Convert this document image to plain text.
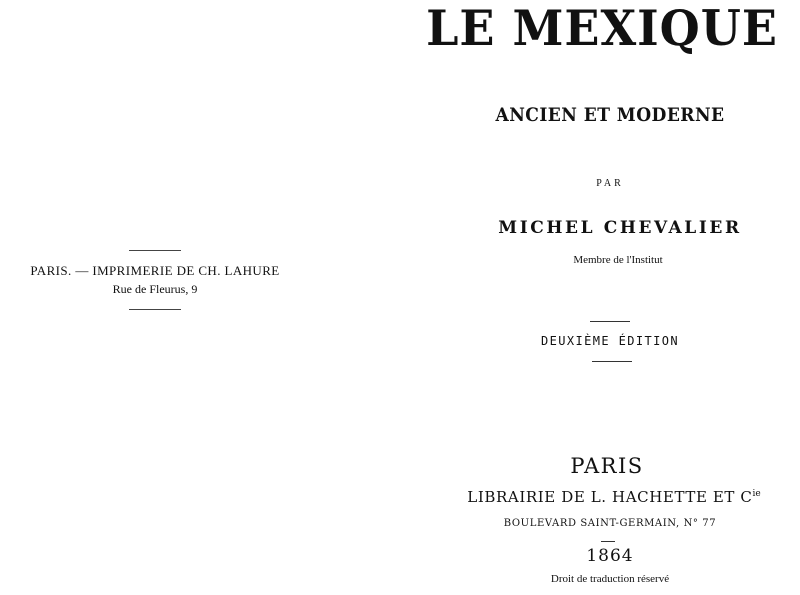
PARIS. — IMPRIMERIE DE CH. LAHURE
Rue de Fleurus, 9
LE MEXIQUE
ANCIEN ET MODERNE
PAR
MICHEL CHEVALIER
Membre de l'Institut
DEUXIÈME ÉDITION
PARIS
LIBRAIRIE DE L. HACHETTE ET $C^{ie}$
BOULEVARD SAINT-GERMAIN, N° 77
1864
Droit de traduction réservé
